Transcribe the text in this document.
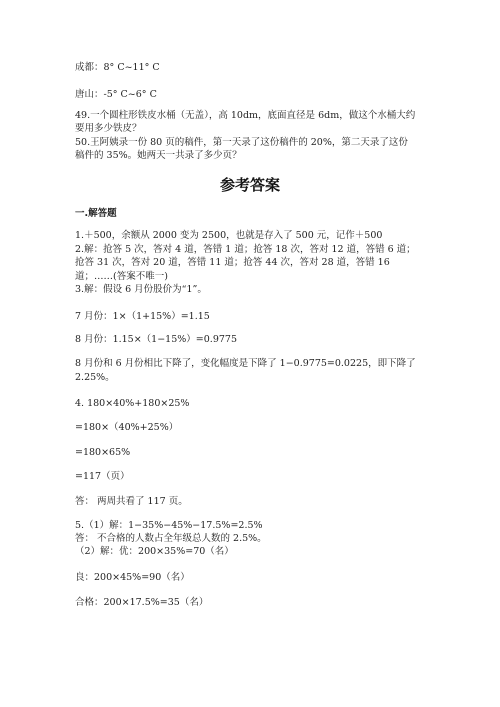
成都：8° C~11° C
唐山：-5° C~6° C
49.一个圆柱形铁皮水桶（无盖），高 10dm，底面直径是 6dm，做这个水桶大约
要用多少铁皮？
50.王阿姨录一份 80 页的稿件，第一天录了这份稿件的 20%，第二天录了这份
稿件的 35%。她两天一共录了多少页？
参考答案
一.解答题
1.＋500，余额从 2000 变为 2500，也就是存入了 500 元，记作＋500
2.解：抢答 5 次，答对 4 道，答错 1 道；抢答 18 次，答对 12 道，答错 6 道；
抢答 31 次，答对 20 道，答错 11 道；抢答 44 次，答对 28 道，答错 16
道；……(答案不唯一)
3.解：假设 6 月份股价为“1”。
7 月份：1×（1+15%）=1.15
8 月份：1.15×（1−15%）=0.9775
8 月份和 6 月份相比下降了，变化幅度是下降了 1−0.9775=0.0225，即下降了
2.25%。
4. 180×40%+180×25%
=180×（40%+25%）
=180×65%
=117（页）
答： 两周共看了 117 页。
5.（1）解：1−35%−45%−17.5%=2.5%
答： 不合格的人数占全年级总人数的 2.5%。
（2）解：优：200×35%=70（名）
良：200×45%=90（名）
合格：200×17.5%=35（名）
